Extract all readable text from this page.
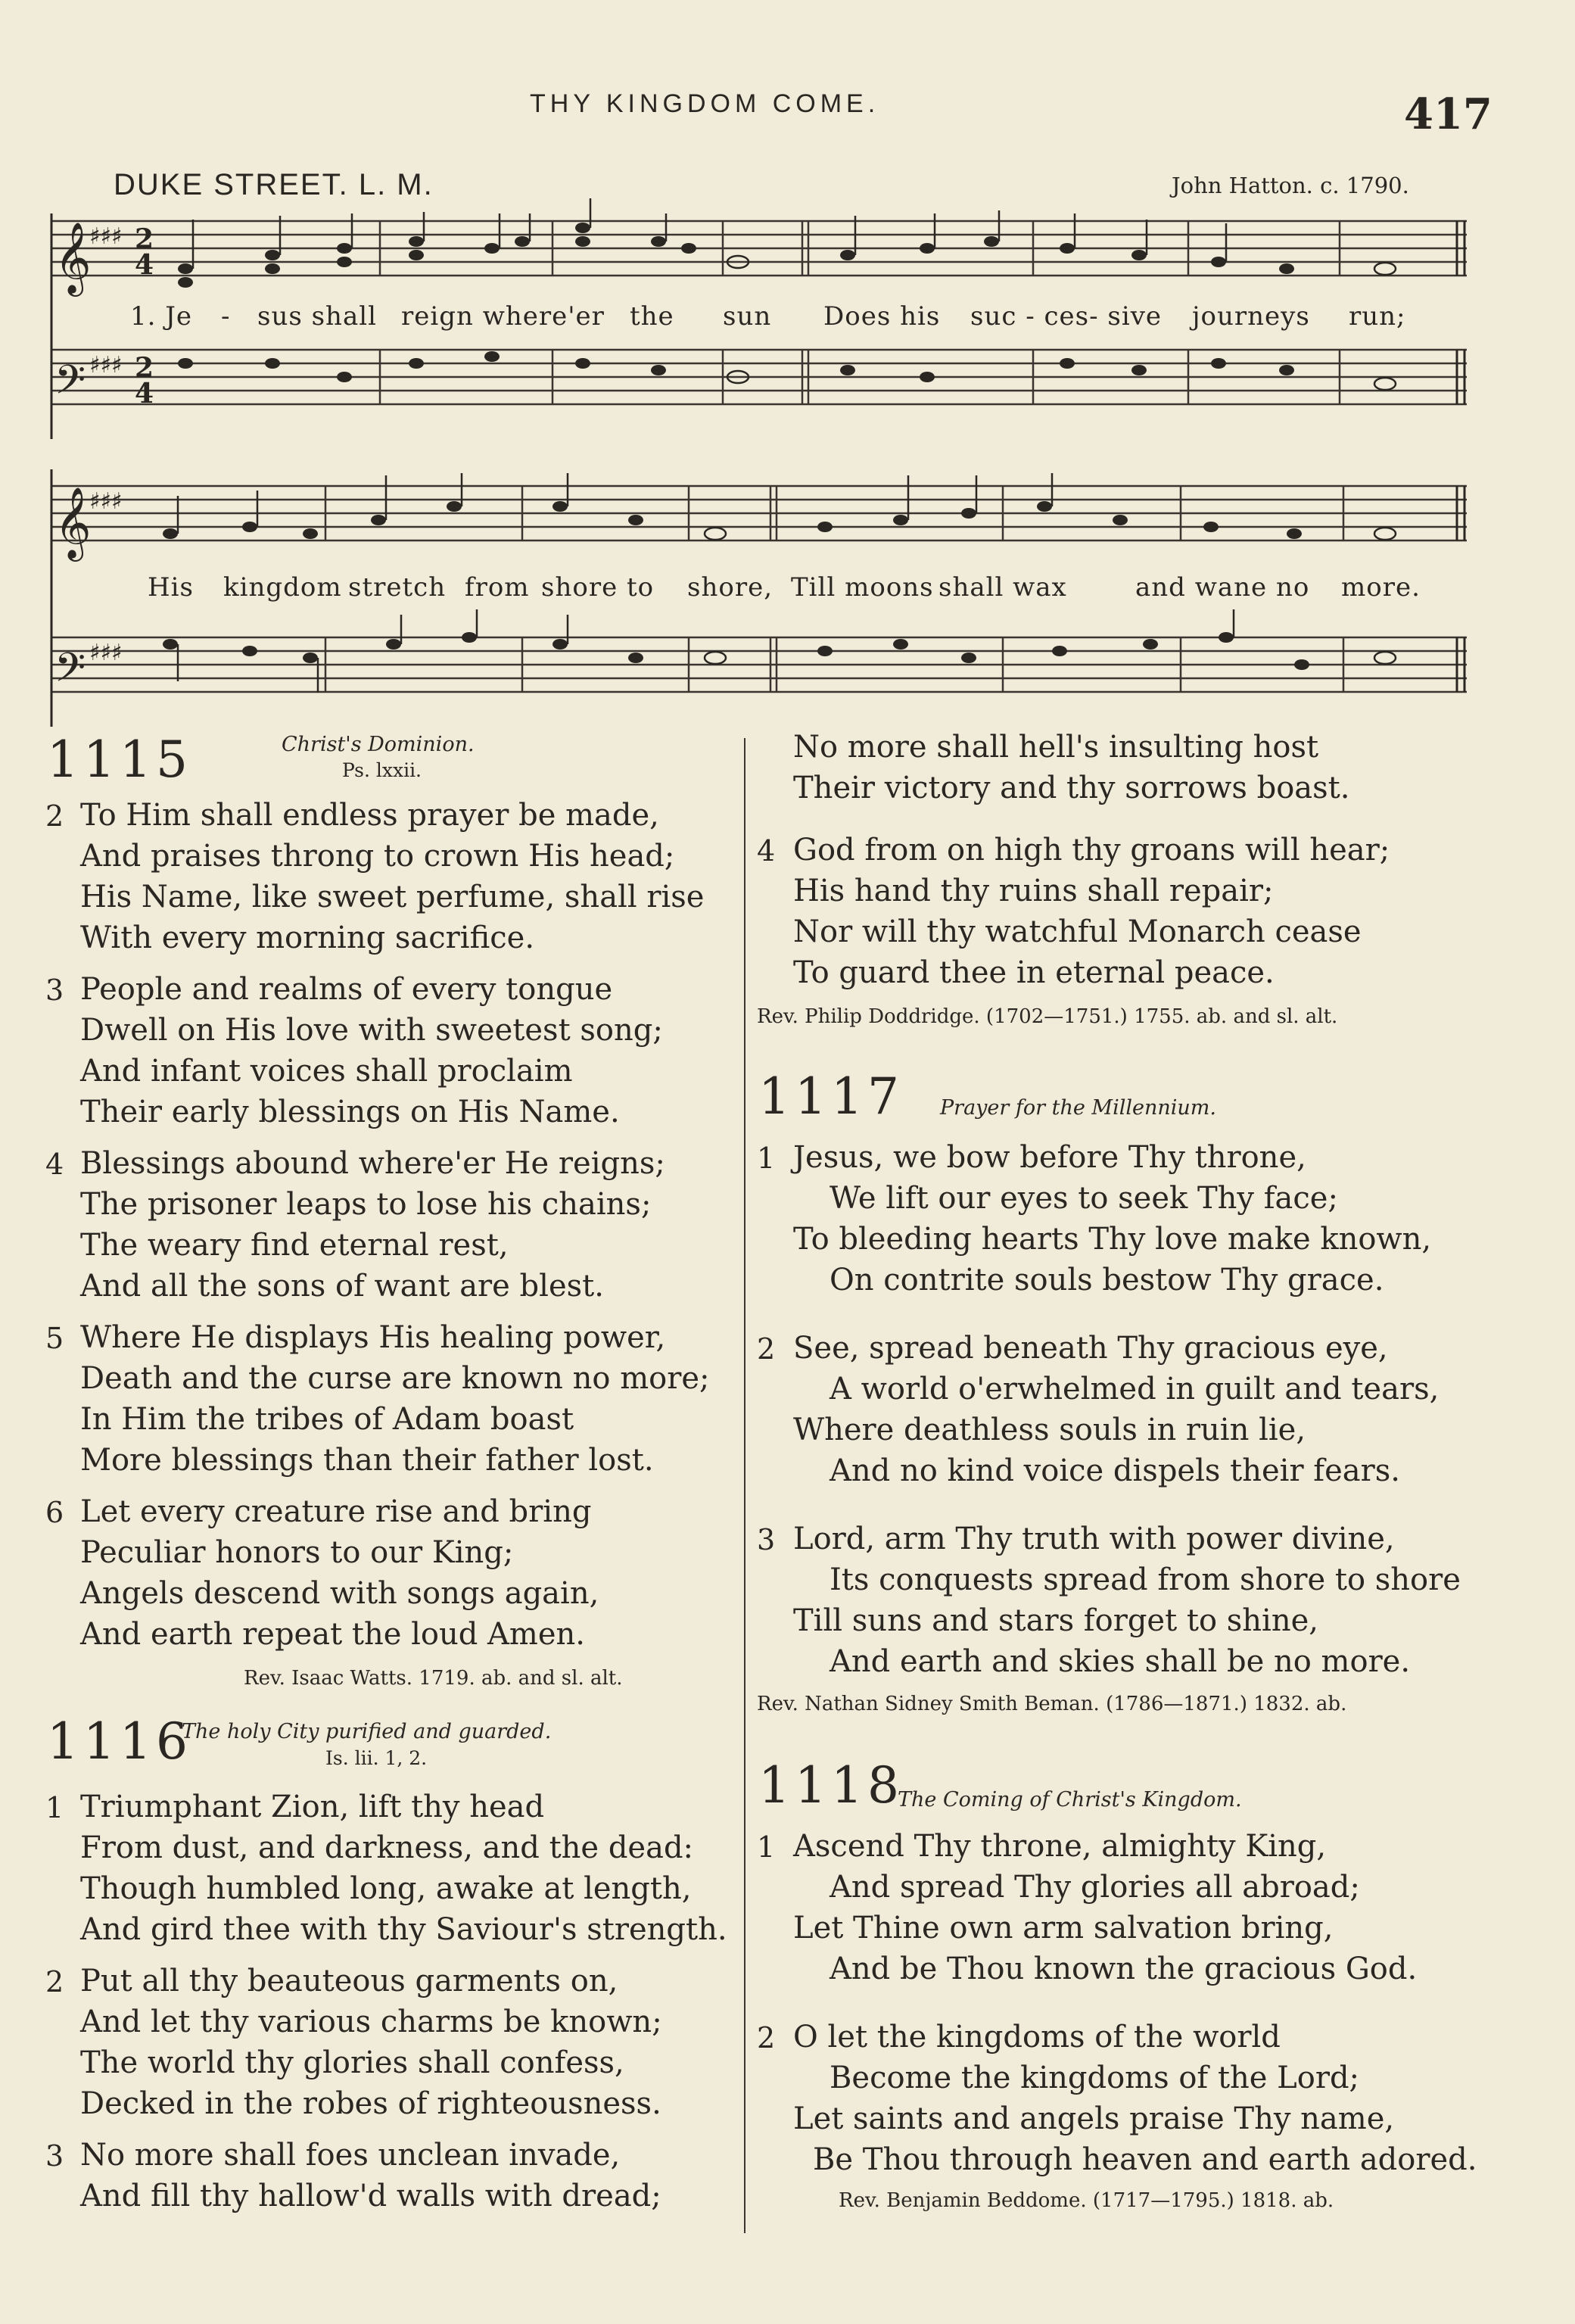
THY KINGDOM COME.	417
DUKE STREET. L. M.	John Hatton. c. 1790.
𝄞
𝄢
𝄞
𝄢
♯♯♯
♯♯♯
♯♯♯
♯♯♯
2
4
2
4
1. Je - sus shall reign where'er the sun Does his suc - ces- sive journeys run;
His kingdom stretch from shore to shore, Till moons shall wax	and wane no more.
1115	Christ's Dominion.
Ps. lxxii.
2 To Him shall endless prayer be made,
And praises throng to crown His head;
His Name, like sweet perfume, shall rise
With every morning sacrifice.
3 People and realms of every tongue
Dwell on His love with sweetest song;
And infant voices shall proclaim
Their early blessings on His Name.
4 Blessings abound where'er He reigns;
The prisoner leaps to lose his chains;
The weary find eternal rest,
And all the sons of want are blest.
5 Where He displays His healing power,
Death and the curse are known no more;
In Him the tribes of Adam boast
More blessings than their father lost.
6 Let every creature rise and bring
Peculiar honors to our King;
Angels descend with songs again,
And earth repeat the loud Amen.
Rev. Isaac Watts. 1719. ab. and sl. alt.
1116
The holy City purified and guarded.
Is. lii. 1, 2.
1 Triumphant Zion, lift thy head
From dust, and darkness, and the dead:
Though humbled long, awake at length,
And gird thee with thy Saviour's strength.
2 Put all thy beauteous garments on,
And let thy various charms be known;
The world thy glories shall confess,
Decked in the robes of righteousness.
3 No more shall foes unclean invade,
And fill thy hallow'd walls with dread;
No more shall hell's insulting host
Their victory and thy sorrows boast.
4 God from on high thy groans will hear;
His hand thy ruins shall repair;
Nor will thy watchful Monarch cease
To guard thee in eternal peace.
Rev. Philip Doddridge. (1702—1751.) 1755. ab. and sl. alt.
1117 Prayer for the Millennium.
1 Jesus, we bow before Thy throne,
We lift our eyes to seek Thy face;
To bleeding hearts Thy love make known,
On contrite souls bestow Thy grace.
2 See, spread beneath Thy gracious eye,
A world o'erwhelmed in guilt and tears,
Where deathless souls in ruin lie,
And no kind voice dispels their fears.
3 Lord, arm Thy truth with power divine,
Its conquests spread from shore to shore
Till suns and stars forget to shine,
And earth and skies shall be no more.
Rev. Nathan Sidney Smith Beman. (1786—1871.) 1832. ab.
1118
The Coming of Christ's Kingdom.
1 Ascend Thy throne, almighty King,
And spread Thy glories all abroad;
Let Thine own arm salvation bring,
And be Thou known the gracious God.
2 O let the kingdoms of the world
Become the kingdoms of the Lord;
Let saints and angels praise Thy name,
Be Thou through heaven and earth adored.
Rev. Benjamin Beddome. (1717—1795.) 1818. ab.
